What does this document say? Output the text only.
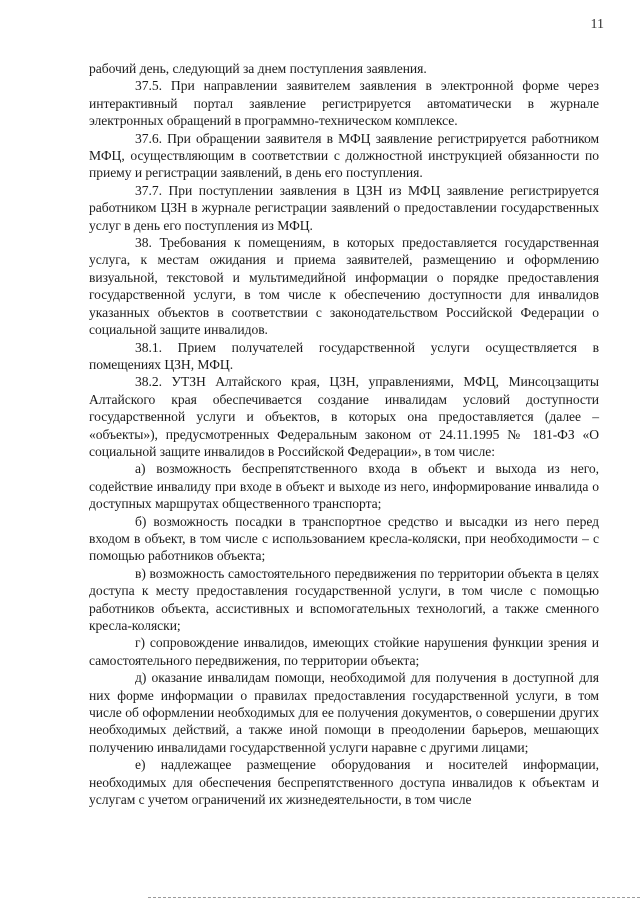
11

рабочий день, следующий за днем поступления заявления.

37.5. При направлении заявителем заявления в электронной форме через интерактивный портал заявление регистрируется автоматически в журнале электронных обращений в программно-техническом комплексе.

37.6. При обращении заявителя в МФЦ заявление регистрируется работником МФЦ, осуществляющим в соответствии с должностной инструкцией обязанности по приему и регистрации заявлений, в день его поступления.

37.7. При поступлении заявления в ЦЗН из МФЦ заявление регистрируется работником ЦЗН в журнале регистрации заявлений о предоставлении государственных услуг в день его поступления из МФЦ.

38. Требования к помещениям, в которых предоставляется государственная услуга, к местам ожидания и приема заявителей, размещению и оформлению визуальной, текстовой и мультимедийной информации о порядке предоставления государственной услуги, в том числе к обеспечению доступности для инвалидов указанных объектов в соответствии с законодательством Российской Федерации о социальной защите инвалидов.

38.1. Прием получателей государственной услуги осуществляется в помещениях ЦЗН, МФЦ.

38.2. УТЗН Алтайского края, ЦЗН, управлениями, МФЦ, Минсоцзащиты Алтайского края обеспечивается создание инвалидам условий доступности государственной услуги и объектов, в которых она предоставляется (далее – «объекты»), предусмотренных Федеральным законом от 24.11.1995 № 181-ФЗ «О социальной защите инвалидов в Российской Федерации», в том числе:

а) возможность беспрепятственного входа в объект и выхода из него, содействие инвалиду при входе в объект и выходе из него, информирование инвалида о доступных маршрутах общественного транспорта;

б) возможность посадки в транспортное средство и высадки из него перед входом в объект, в том числе с использованием кресла-коляски, при необходимости – с помощью работников объекта;

в) возможность самостоятельного передвижения по территории объекта в целях доступа к месту предоставления государственной услуги, в том числе с помощью работников объекта, ассистивных и вспомогательных технологий, а также сменного кресла-коляски;

г) сопровождение инвалидов, имеющих стойкие нарушения функции зрения и самостоятельного передвижения, по территории объекта;

д) оказание инвалидам помощи, необходимой для получения в доступной для них форме информации о правилах предоставления государственной услуги, в том числе об оформлении необходимых для ее получения документов, о совершении других необходимых действий, а также иной помощи в преодолении барьеров, мешающих получению инвалидами государственной услуги наравне с другими лицами;

е) надлежащее размещение оборудования и носителей информации, необходимых для обеспечения беспрепятственного доступа инвалидов к объектам и услугам с учетом ограничений их жизнедеятельности, в том числе
